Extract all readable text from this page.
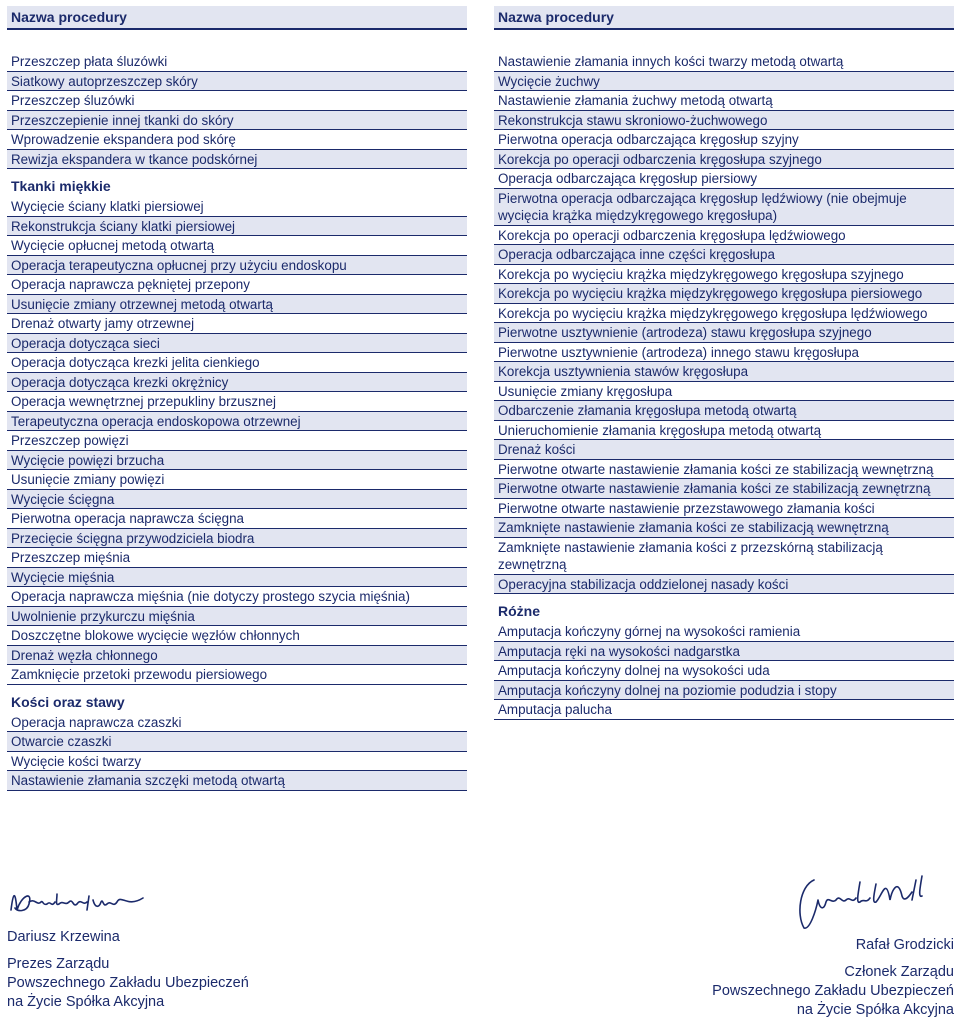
Nazwa procedury
Przeszczep płata śluzówki
Siatkowy autoprzeszczep skóry
Przeszczep śluzówki
Przeszczepienie innej tkanki do skóry
Wprowadzenie ekspandera pod skórę
Rewizja ekspandera w tkance podskórnej
Tkanki miękkie
Wycięcie ściany klatki piersiowej
Rekonstrukcja ściany klatki piersiowej
Wycięcie opłucnej metodą otwartą
Operacja terapeutyczna opłucnej przy użyciu endoskopu
Operacja naprawcza pękniętej przepony
Usunięcie zmiany otrzewnej metodą otwartą
Drenaż otwarty jamy otrzewnej
Operacja dotycząca sieci
Operacja dotycząca krezki jelita cienkiego
Operacja dotycząca krezki okrężnicy
Operacja wewnętrznej przepukliny brzusznej
Terapeutyczna operacja endoskopowa otrzewnej
Przeszczep powięzi
Wycięcie powięzi brzucha
Usunięcie zmiany powięzi
Wycięcie ścięgna
Pierwotna operacja naprawcza ścięgna
Przecięcie ścięgna przywodziciela biodra
Przeszczep mięśnia
Wycięcie mięśnia
Operacja naprawcza mięśnia (nie dotyczy prostego szycia mięśnia)
Uwolnienie przykurczu mięśnia
Doszczętne blokowe wycięcie węzłów chłonnych
Drenaż węzła chłonnego
Zamknięcie przetoki przewodu piersiowego
Kości oraz stawy
Operacja naprawcza czaszki
Otwarcie czaszki
Wycięcie kości twarzy
Nastawienie złamania szczęki metodą otwartą
Nazwa procedury
Nastawienie złamania innych kości twarzy metodą otwartą
Wycięcie żuchwy
Nastawienie złamania żuchwy metodą otwartą
Rekonstrukcja stawu skroniowo-żuchwowego
Pierwotna operacja odbarczająca kręgosłup szyjny
Korekcja po operacji odbarczenia kręgosłupa szyjnego
Operacja odbarczająca kręgosłup piersiowy
Pierwotna operacja odbarczająca kręgosłup lędźwiowy (nie obejmuje wycięcia krążka międzykręgowego kręgosłupa)
Korekcja po operacji odbarczenia kręgosłupa lędźwiowego
Operacja odbarczająca inne części kręgosłupa
Korekcja po wycięciu krążka międzykręgowego kręgosłupa szyjnego
Korekcja po wycięciu krążka międzykręgowego kręgosłupa piersiowego
Korekcja po wycięciu krążka międzykręgowego kręgosłupa lędźwiowego
Pierwotne usztywnienie (artrodeza) stawu kręgosłupa szyjnego
Pierwotne usztywnienie (artrodeza) innego stawu kręgosłupa
Korekcja usztywnienia stawów kręgosłupa
Usunięcie zmiany kręgosłupa
Odbarczenie złamania kręgosłupa metodą otwartą
Unieruchomienie złamania kręgosłupa metodą otwartą
Drenaż kości
Pierwotne otwarte nastawienie złamania kości ze stabilizacją wewnętrzną
Pierwotne otwarte nastawienie złamania kości ze stabilizacją zewnętrzną
Pierwotne otwarte nastawienie przezstawowego złamania kości
Zamknięte nastawienie złamania kości ze stabilizacją wewnętrzną
Zamknięte nastawienie złamania kości z przezskórną stabilizacją zewnętrzną
Operacyjna stabilizacja oddzielonej nasady kości
Różne
Amputacja kończyny górnej na wysokości ramienia
Amputacja ręki na wysokości nadgarstka
Amputacja kończyny dolnej na wysokości uda
Amputacja kończyny dolnej na poziomie podudzia i stopy
Amputacja palucha
Dariusz Krzewina
Prezes Zarządu
Powszechnego Zakładu Ubezpieczeń
na Życie Spółka Akcyjna
Rafał Grodzicki
Członek Zarządu
Powszechnego Zakładu Ubezpieczeń
na Życie Spółka Akcyjna
